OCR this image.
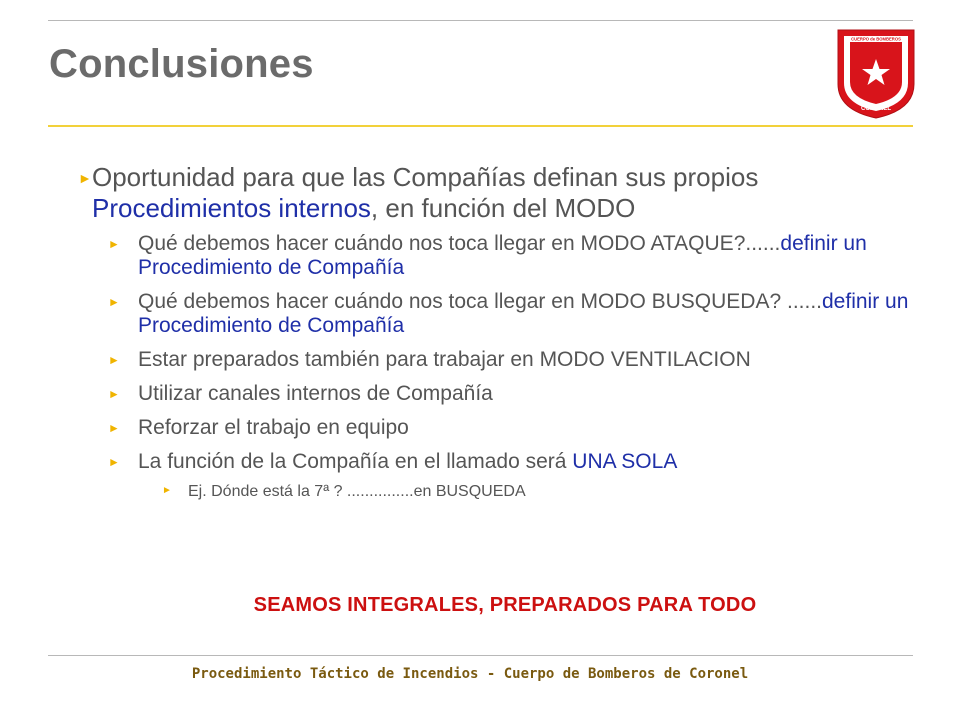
Conclusiones
CUERPO de BOMBEROS
CORONEL
► Oportunidad para que las Compañías definan sus propios Procedimientos internos, en función del MODO
► Qué debemos hacer cuándo nos toca llegar en MODO ATAQUE?......definir un Procedimiento de Compañía
► Qué debemos hacer cuándo nos toca llegar en MODO BUSQUEDA? ......definir un Procedimiento de Compañía
► Estar preparados también para trabajar en MODO VENTILACION
► Utilizar canales internos de Compañía
► Reforzar el trabajo en equipo
► La función de la Compañía en el llamado será UNA SOLA
► Ej. Dónde está la 7ª ? ...............en BUSQUEDA
SEAMOS INTEGRALES, PREPARADOS PARA TODO
Procedimiento Táctico de Incendios - Cuerpo de Bomberos de Coronel
